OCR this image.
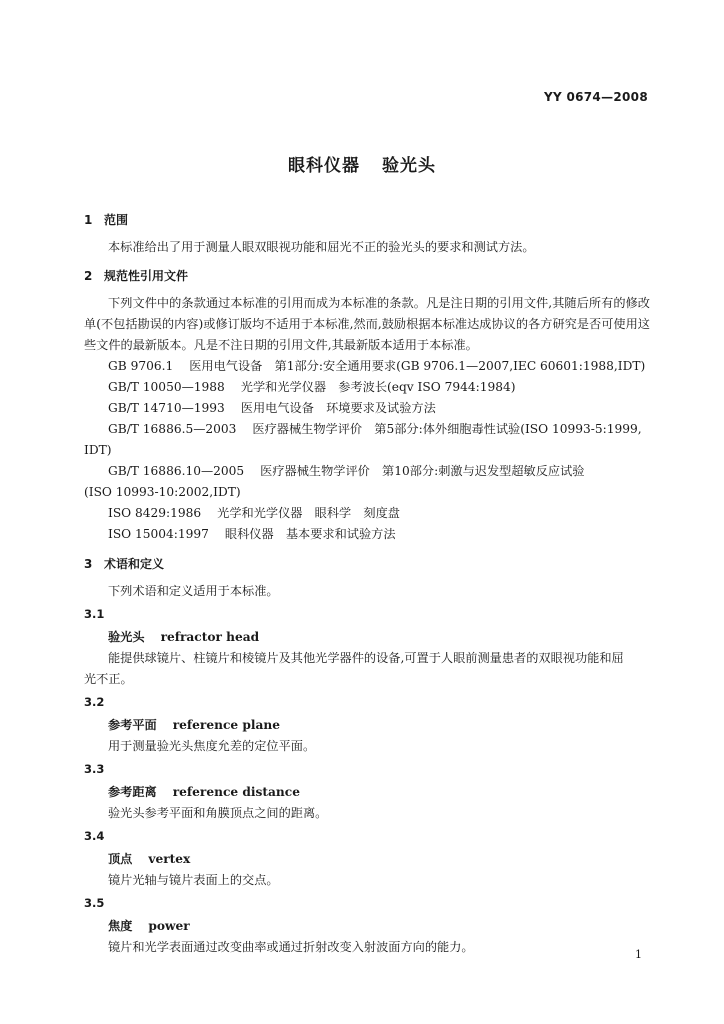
YY 0674—2008
眼科仪器 验光头
1 范围
本标准给出了用于测量人眼双眼视功能和屈光不正的验光头的要求和测试方法。
2 规范性引用文件
下列文件中的条款通过本标准的引用而成为本标准的条款。凡是注日期的引用文件,其随后所有的修改单(不包括勘误的内容)或修订版均不适用于本标准,然而,鼓励根据本标准达成协议的各方研究是否可使用这些文件的最新版本。凡是不注日期的引用文件,其最新版本适用于本标准。
GB 9706.1 医用电气设备　第1部分:安全通用要求(GB 9706.1—2007,IEC 60601:1988,IDT)
GB/T 10050—1988 光学和光学仪器　参考波长(eqv ISO 7944:1984)
GB/T 14710—1993 医用电气设备　环境要求及试验方法
GB/T 16886.5—2003 医疗器械生物学评价　第5部分:体外细胞毒性试验(ISO 10993-5:1999,
IDT)
GB/T 16886.10—2005 医疗器械生物学评价　第10部分:刺激与迟发型超敏反应试验
(ISO 10993-10:2002,IDT)
ISO 8429:1986 光学和光学仪器　眼科学　刻度盘
ISO 15004:1997 眼科仪器　基本要求和试验方法
3 术语和定义
下列术语和定义适用于本标准。
3.1
验光头 refractor head
能提供球镜片、柱镜片和棱镜片及其他光学器件的设备,可置于人眼前测量患者的双眼视功能和屈
光不正。
3.2
参考平面 reference plane
用于测量验光头焦度允差的定位平面。
3.3
参考距离 reference distance
验光头参考平面和角膜顶点之间的距离。
3.4
顶点 vertex
镜片光轴与镜片表面上的交点。
3.5
焦度 power
镜片和光学表面通过改变曲率或通过折射改变入射波面方向的能力。
1
